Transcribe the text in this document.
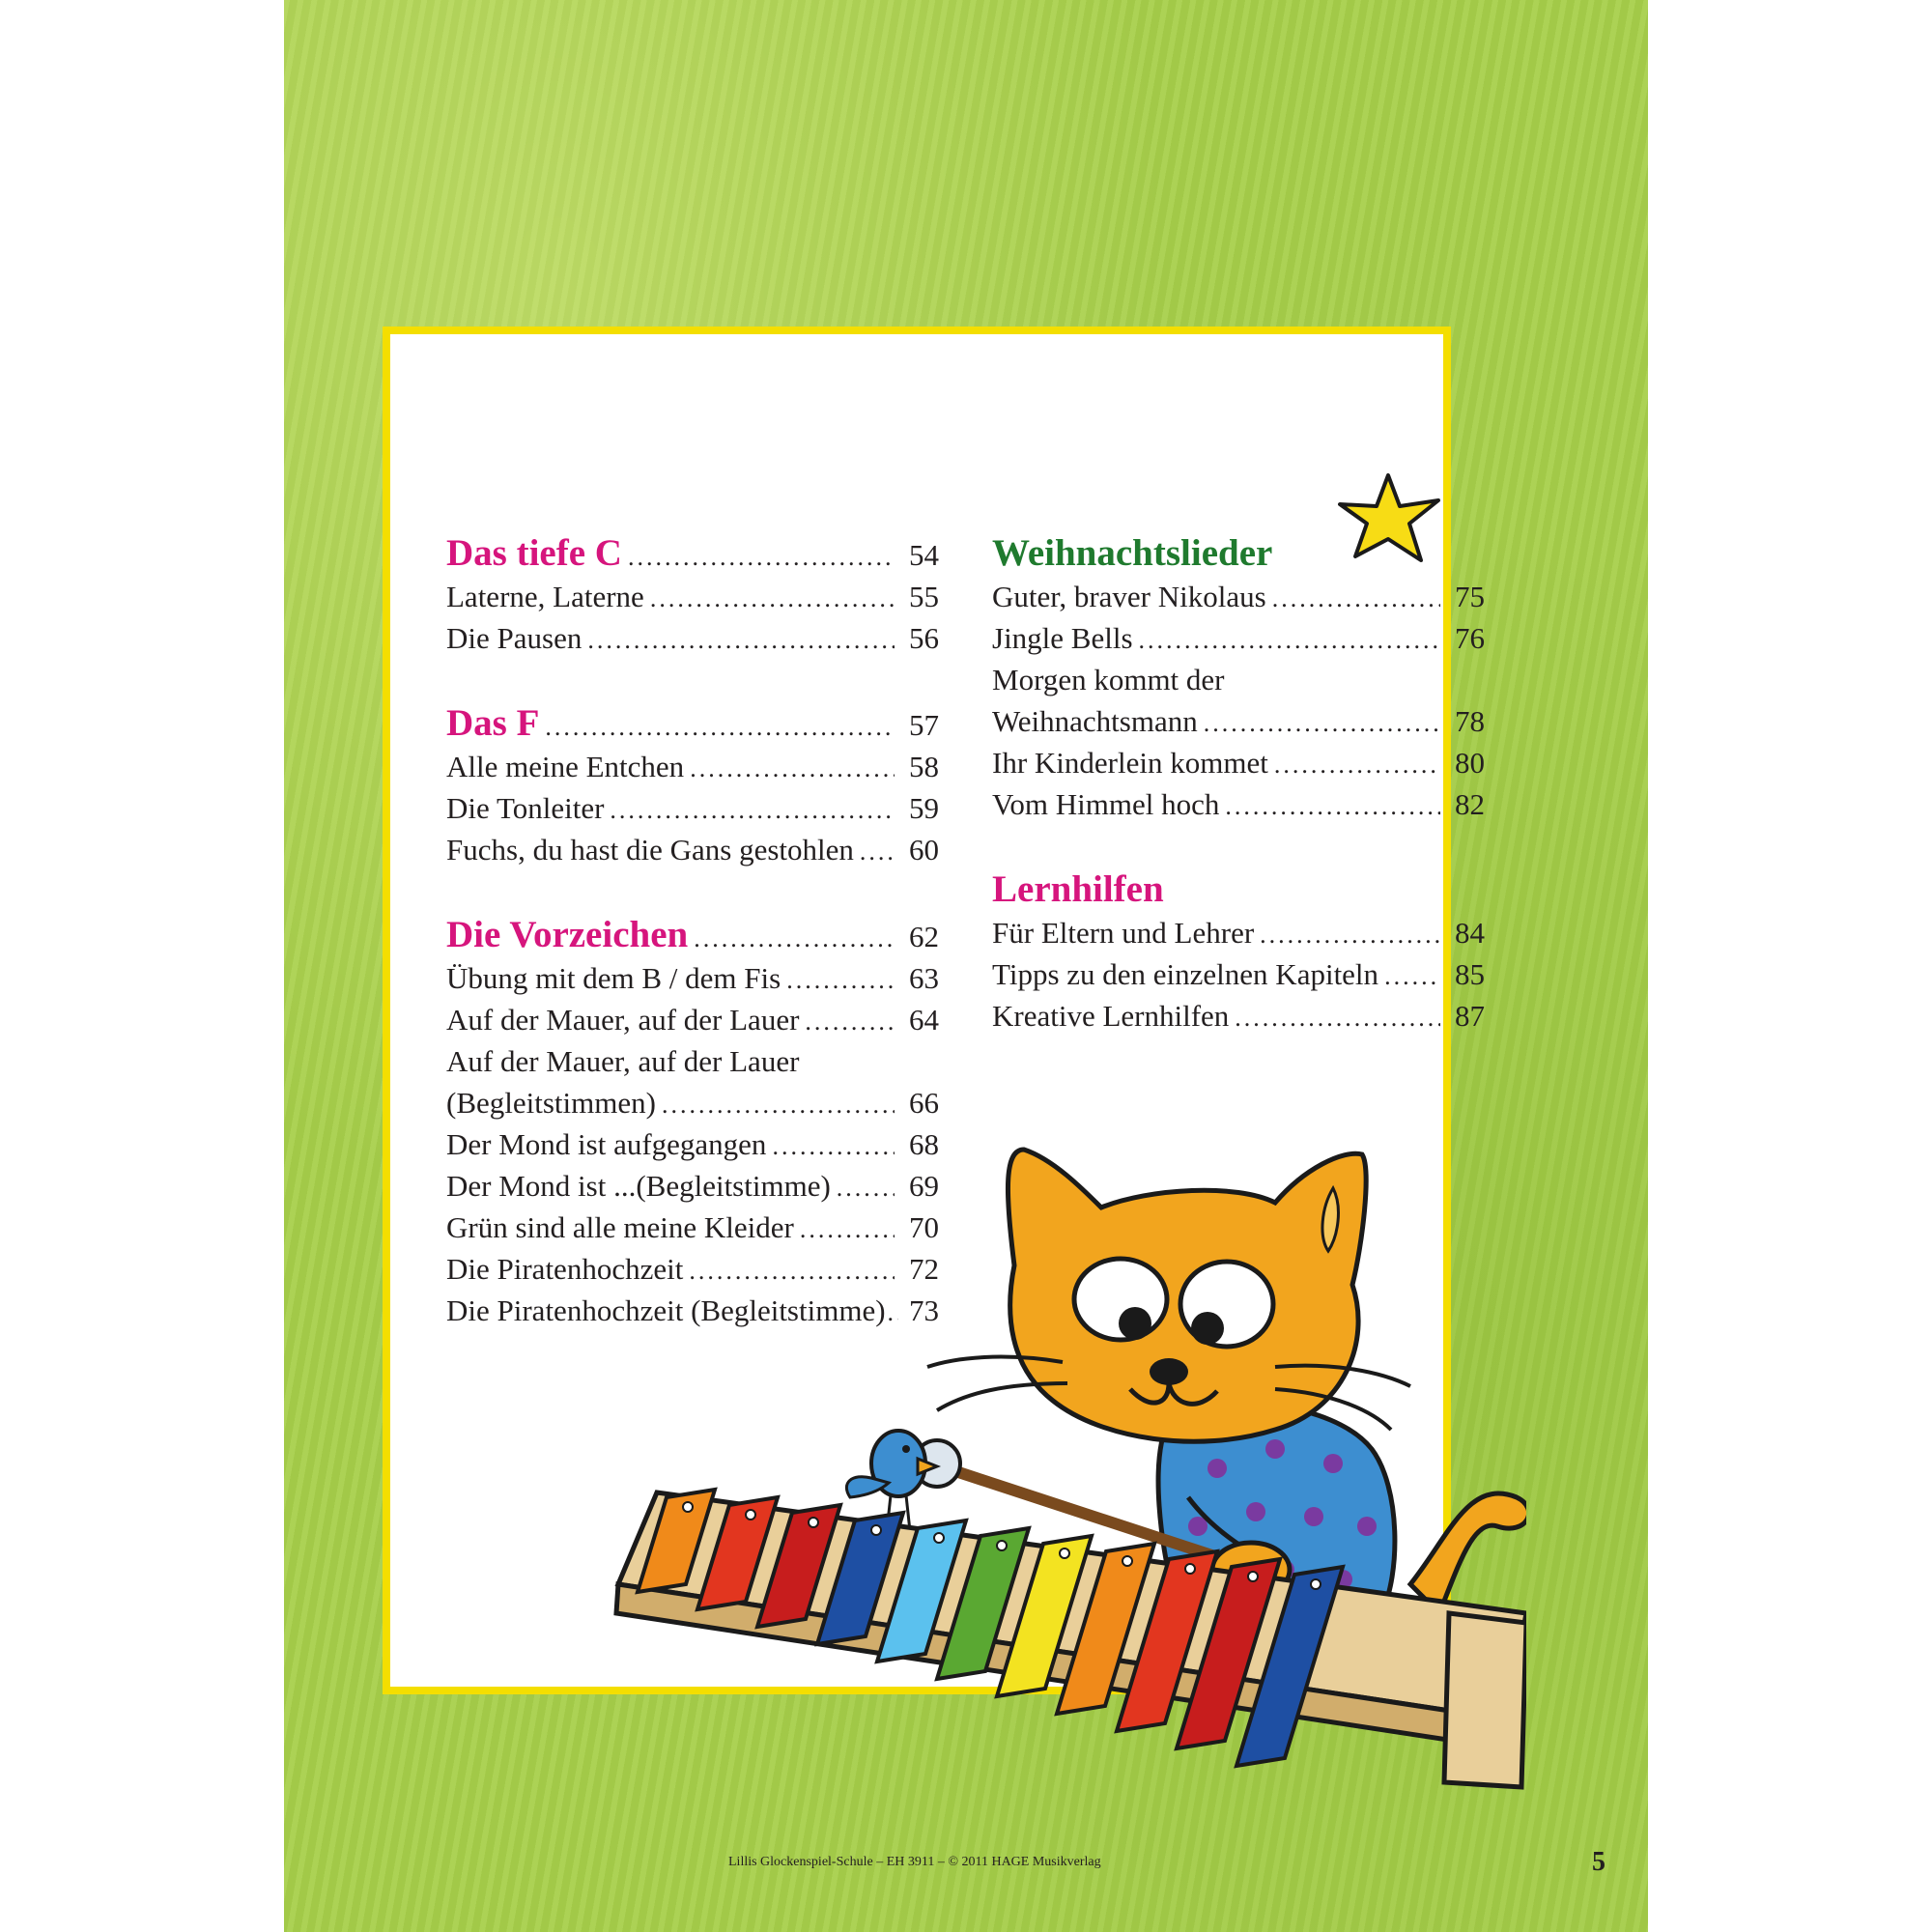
Das tiefe C .....	54
Laterne, Laterne .....	55
Die Pausen .....	56
Das F .....	57
Alle meine Entchen .....	58
Die Tonleiter .....	59
Fuchs, du hast die Gans gestohlen ..... 60
Die Vorzeichen .....	62
Übung mit dem B / dem Fis .....	63
Auf der Mauer, auf der Lauer .....	64
Auf der Mauer, auf der Lauer
(Begleitstimmen) .....	66
Der Mond ist aufgegangen .....	68
Der Mond ist ...(Begleitstimme) .....	69
Grün sind alle meine Kleider .....	70
Die Piratenhochzeit .....	72
Die Piratenhochzeit (Begleitstimme) ..... 73
Weihnachtslieder
Guter, braver Nikolaus .....	75
Jingle Bells .....	76
Morgen kommt der
Weihnachtsmann .....	78
Ihr Kinderlein kommet .....	80
Vom Himmel hoch .....	82
Lernhilfen
Für Eltern und Lehrer .....	84
Tipps zu den einzelnen Kapiteln .....	85
Kreative Lernhilfen .....	87
Lillis Glockenspiel-Schule – EH 3911 – © 2011 HAGE Musikverlag	5
